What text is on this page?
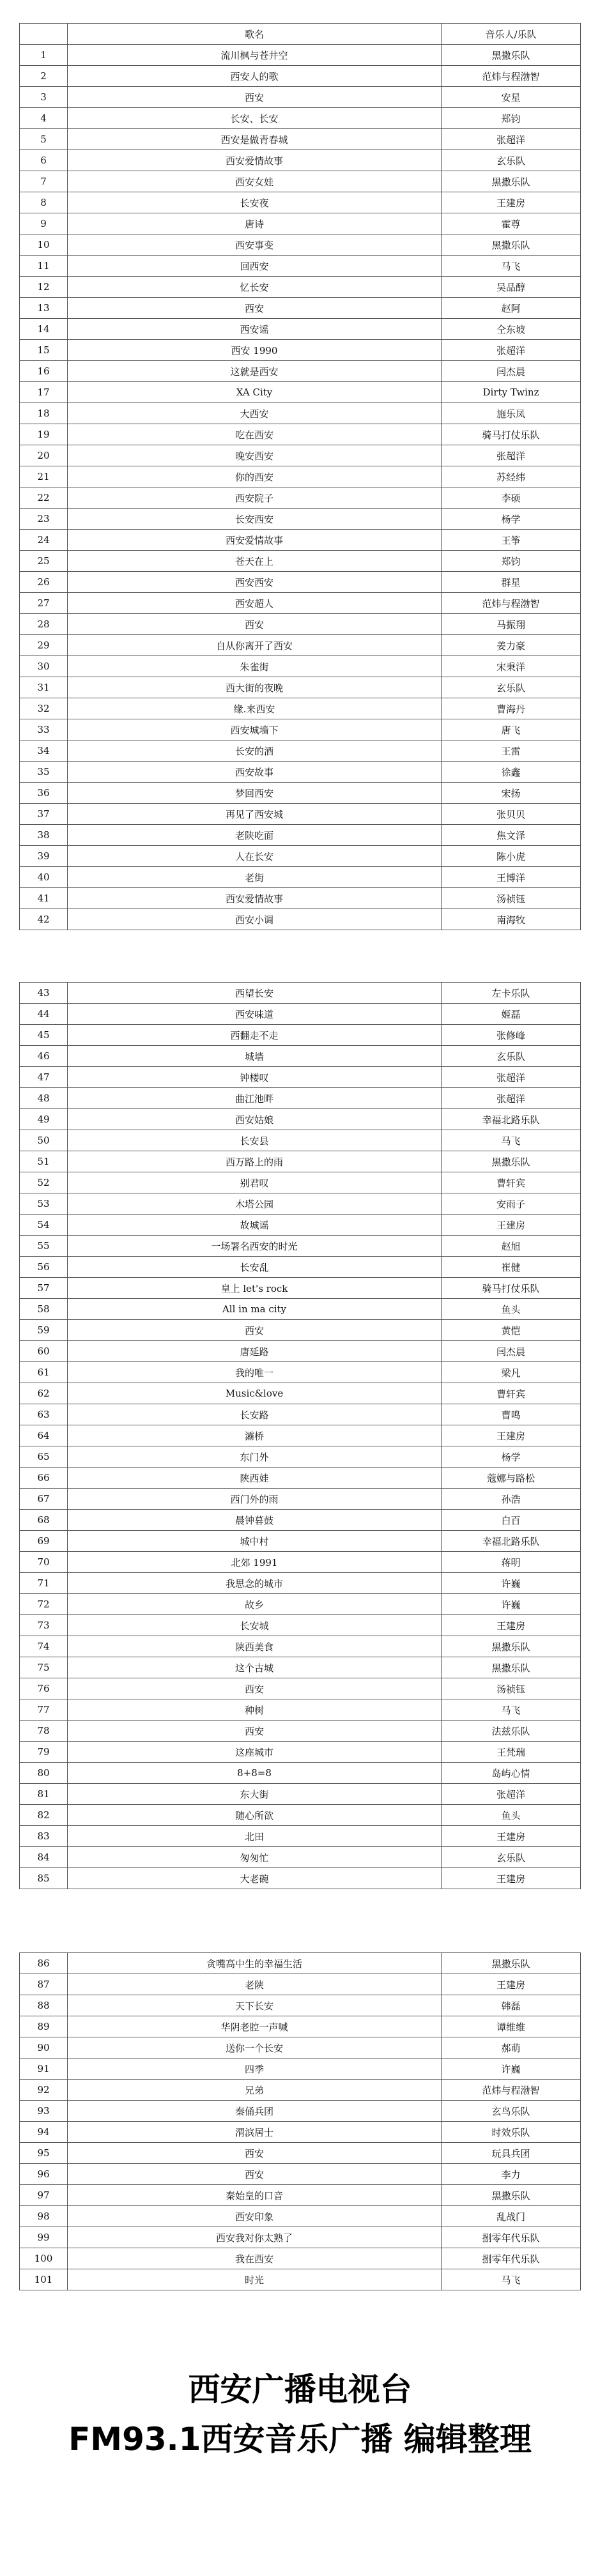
	歌名	音乐人/乐队
1	流川枫与苍井空	黑撒乐队
2	西安人的歌	范炜与程渤智
3	西安	安星
4	长安、长安	郑钧
5	西安是做青春城	张超洋
6	西安爱情故事	玄乐队
7	西安女娃	黑撒乐队
8	长安夜	王建房
9	唐诗	霍尊
10	西安事变	黑撒乐队
11	回西安	马飞
12	忆长安	吴品醇
13	西安	赵阿
14	西安谣	仝东坡
15	西安 1990	张超洋
16	这就是西安	闫杰晨
17	XA City	Dirty Twinz
18	大西安	施乐凤
19	吃在西安	骑马打仗乐队
20	晚安西安	张超洋
21	你的西安	苏经纬
22	西安院子	李硕
23	长安西安	杨学
24	西安爱情故事	王筝
25	苍天在上	郑钧
26	西安西安	群星
27	西安超人	范炜与程渤智
28	西安	马振翔
29	自从你离开了西安	姜力豪
30	朱雀街	宋秉洋
31	西大街的夜晚	玄乐队
32	缘.来西安	曹海丹
33	西安城墙下	唐飞
34	长安的酒	王雷
35	西安故事	徐鑫
36	梦回西安	宋扬
37	再见了西安城	张贝贝
38	老陕吃面	焦文泽
39	人在长安	陈小虎
40	老街	王博洋
41	西安爱情故事	汤祯钰
42	西安小调	南海牧
43	西望长安	左卡乐队
44	西安味道	姬磊
45	西翻走不走	张修峰
46	城墙	玄乐队
47	钟楼叹	张超洋
48	曲江池畔	张超洋
49	西安姑娘	幸福北路乐队
50	长安县	马飞
51	西万路上的雨	黑撒乐队
52	别君叹	曹轩宾
53	木塔公园	安雨子
54	故城谣	王建房
55	一场署名西安的时光	赵旭
56	长安乱	崔健
57	皇上 let's rock	骑马打仗乐队
58	All in ma city	鱼头
59	西安	黄恺
60	唐延路	闫杰晨
61	我的唯一	梁凡
62	Music&love	曹轩宾
63	长安路	曹鸣
64	灞桥	王建房
65	东门外	杨学
66	陕西娃	蔻娜与路松
67	西门外的雨	孙浩
68	晨钟暮鼓	白百
69	城中村	幸福北路乐队
70	北郊 1991	蒋明
71	我思念的城市	许巍
72	故乡	许巍
73	长安城	王建房
74	陕西美食	黑撒乐队
75	这个古城	黑撒乐队
76	西安	汤祯钰
77	种树	马飞
78	西安	法兹乐队
79	这座城市	王梵瑞
80	8+8=8	岛屿心情
81	东大街	张超洋
82	随心所欲	鱼头
83	北田	王建房
84	匆匆忙	玄乐队
85	大老碗	王建房
86	贪嘴高中生的幸福生活	黑撒乐队
87	老陕	王建房
88	天下长安	韩磊
89	华阴老腔一声喊	谭维维
90	送你一个长安	郝萌
91	四季	许巍
92	兄弟	范炜与程渤智
93	秦俑兵团	玄鸟乐队
94	渭滨居士	时效乐队
95	西安	玩具兵团
96	西安	李力
97	秦始皇的口音	黑撒乐队
98	西安印象	乱战门
99	西安我对你太熟了	捌零年代乐队
100	我在西安	捌零年代乐队
101	时光	马飞
西安广播电视台
FM93.1西安音乐广播 编辑整理
